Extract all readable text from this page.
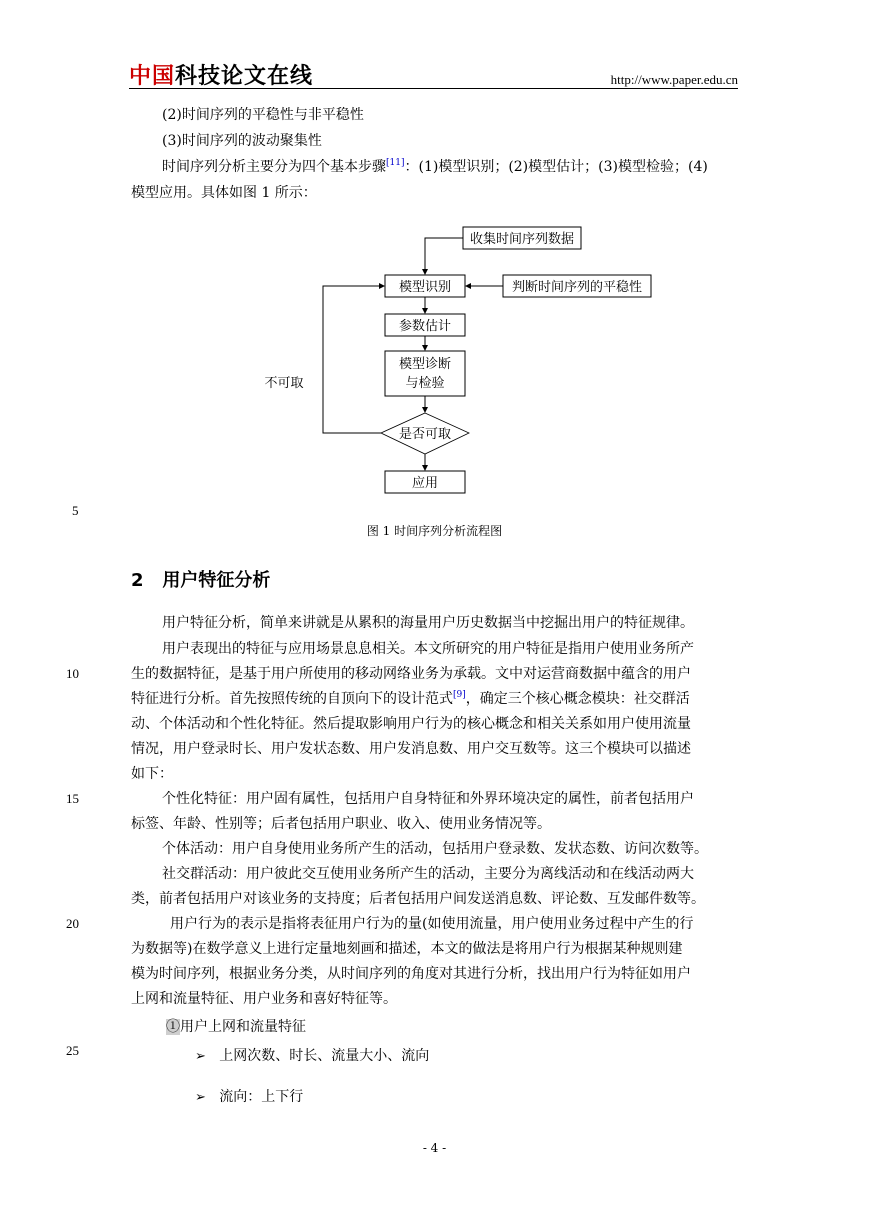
中国科技论文在线	http://www.paper.edu.cn
(2)时间序列的平稳性与非平稳性
(3)时间序列的波动聚集性
时间序列分析主要分为四个基本步骤[11]：(1)模型识别；(2)模型估计；(3)模型检验；(4)
模型应用。具体如图 1 所示：
收集时间序列数据
模型识别	判断时间序列的平稳性
参数估计
模型诊断
与检验
是否可取
不可取
应用
5
图 1 时间序列分析流程图
2 用户特征分析
用户特征分析，简单来讲就是从累积的海量用户历史数据当中挖掘出用户的特征规律。
用户表现出的特征与应用场景息息相关。本文所研究的用户特征是指用户使用业务所产
生的数据特征，是基于用户所使用的移动网络业务为承载。文中对运营商数据中蕴含的用户
特征进行分析。首先按照传统的自顶向下的设计范式[9]，确定三个核心概念模块：社交群活
动、个体活动和个性化特征。然后提取影响用户行为的核心概念和相关关系如用户使用流量
情况，用户登录时长、用户发状态数、用户发消息数、用户交互数等。这三个模块可以描述
如下：
个性化特征：用户固有属性，包括用户自身特征和外界环境决定的属性，前者包括用户
标签、年龄、性别等；后者包括用户职业、收入、使用业务情况等。
个体活动：用户自身使用业务所产生的活动，包括用户登录数、发状态数、访问次数等。
社交群活动：用户彼此交互使用业务所产生的活动，主要分为离线活动和在线活动两大
类，前者包括用户对该业务的支持度；后者包括用户间发送消息数、评论数、互发邮件数等。
用户行为的表示是指将表征用户行为的量(如使用流量，用户使用业务过程中产生的行
为数据等)在数学意义上进行定量地刻画和描述，本文的做法是将用户行为根据某种规则建
模为时间序列，根据业务分类，从时间序列的角度对其进行分析，找出用户行为特征如用户
上网和流量特征、用户业务和喜好特征等。
①用户上网和流量特征
➢ 上网次数、时长、流量大小、流向
➢ 流向：上下行
10
15
20
25
- 4 -
